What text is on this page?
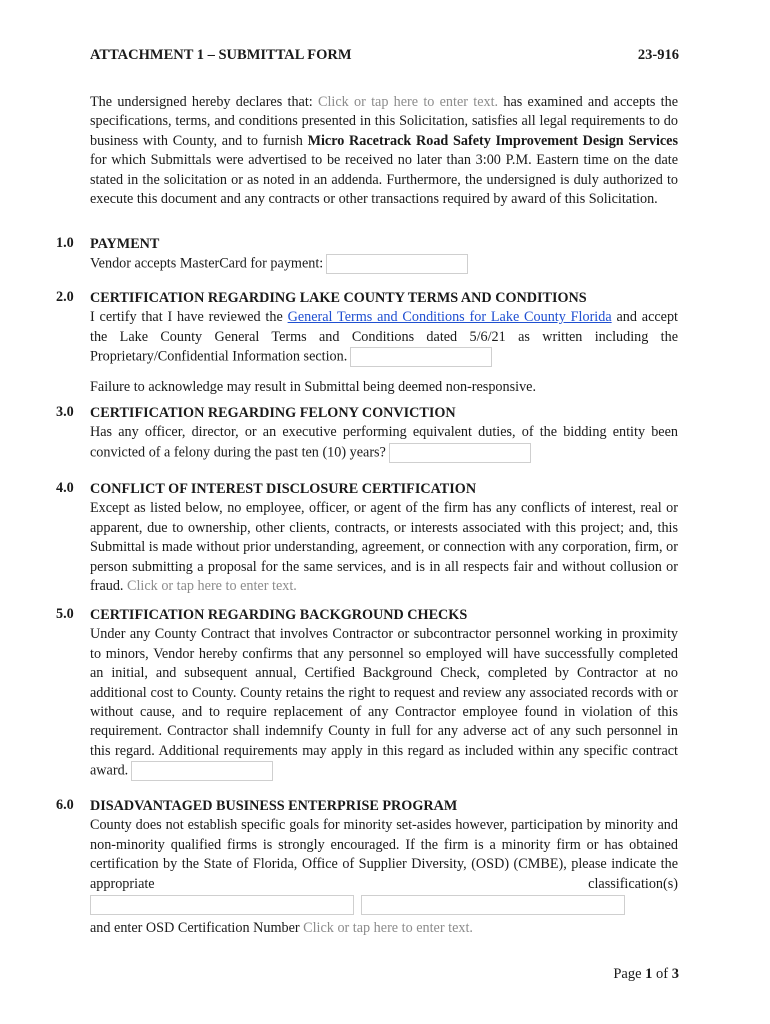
ATTACHMENT 1 – SUBMITTAL FORM	23-916
The undersigned hereby declares that: Click or tap here to enter text. has examined and accepts the specifications, terms, and conditions presented in this Solicitation, satisfies all legal requirements to do business with County, and to furnish Micro Racetrack Road Safety Improvement Design Services for which Submittals were advertised to be received no later than 3:00 P.M. Eastern time on the date stated in the solicitation or as noted in an addenda. Furthermore, the undersigned is duly authorized to execute this document and any contracts or other transactions required by award of this Solicitation.
1.0 PAYMENT
Vendor accepts MasterCard for payment:
2.0 CERTIFICATION REGARDING LAKE COUNTY TERMS AND CONDITIONS
I certify that I have reviewed the General Terms and Conditions for Lake County Florida and accept the Lake County General Terms and Conditions dated 5/6/21 as written including the Proprietary/Confidential Information section.
Failure to acknowledge may result in Submittal being deemed non-responsive.
3.0 CERTIFICATION REGARDING FELONY CONVICTION
Has any officer, director, or an executive performing equivalent duties, of the bidding entity been convicted of a felony during the past ten (10) years?
4.0 CONFLICT OF INTEREST DISCLOSURE CERTIFICATION
Except as listed below, no employee, officer, or agent of the firm has any conflicts of interest, real or apparent, due to ownership, other clients, contracts, or interests associated with this project; and, this Submittal is made without prior understanding, agreement, or connection with any corporation, firm, or person submitting a proposal for the same services, and is in all respects fair and without collusion or fraud. Click or tap here to enter text.
5.0 CERTIFICATION REGARDING BACKGROUND CHECKS
Under any County Contract that involves Contractor or subcontractor personnel working in proximity to minors, Vendor hereby confirms that any personnel so employed will have successfully completed an initial, and subsequent annual, Certified Background Check, completed by Contractor at no additional cost to County. County retains the right to request and review any associated records with or without cause, and to require replacement of any Contractor employee found in violation of this requirement. Contractor shall indemnify County in full for any adverse act of any such personnel in this regard. Additional requirements may apply in this regard as included within any specific contract award.
6.0 DISADVANTAGED BUSINESS ENTERPRISE PROGRAM
County does not establish specific goals for minority set-asides however, participation by minority and non-minority qualified firms is strongly encouraged. If the firm is a minority firm or has obtained certification by the State of Florida, Office of Supplier Diversity, (OSD) (CMBE), please indicate the appropriate classification(s)

and enter OSD Certification Number Click or tap here to enter text.
Page 1 of 3
